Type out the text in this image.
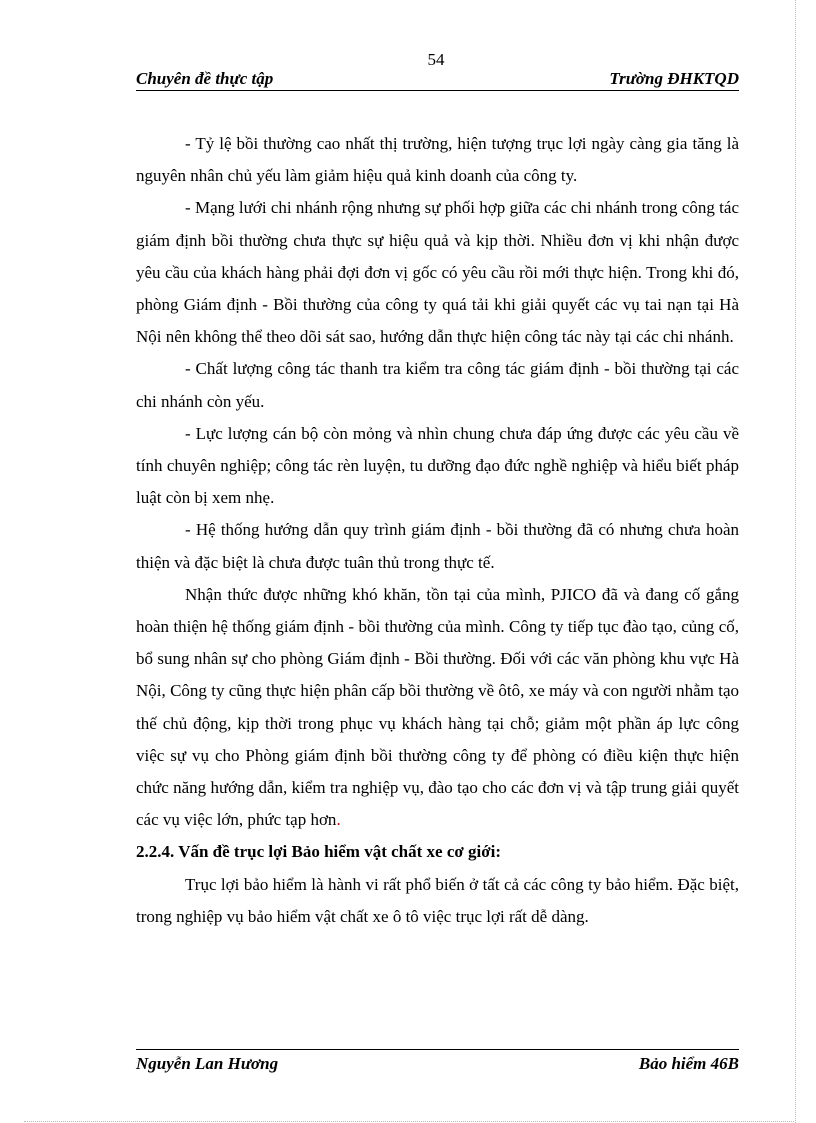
54
Chuyên đề thực tập	Trường ĐHKTQD

- Tỷ lệ bồi thường cao nhất thị trường, hiện tượng trục lợi ngày càng gia tăng là nguyên nhân chủ yếu làm giảm hiệu quả kinh doanh của công ty.

- Mạng lưới chi nhánh rộng nhưng sự phối hợp giữa các chi nhánh trong công tác giám định bồi thường chưa thực sự hiệu quả và kịp thời. Nhiều đơn vị khi nhận được yêu cầu của khách hàng phải đợi đơn vị gốc có yêu cầu rồi mới thực hiện. Trong khi đó, phòng Giám định - Bồi thường của công ty quá tải khi giải quyết các vụ tai nạn tại Hà Nội nên không thể theo dõi sát sao, hướng dẫn thực hiện công tác này tại các chi nhánh.

- Chất lượng công tác thanh tra kiểm tra công tác giám định - bồi thường tại các chi nhánh còn yếu.

- Lực lượng cán bộ còn mỏng và nhìn chung chưa đáp ứng được các yêu cầu về tính chuyên nghiệp; công tác rèn luyện, tu dưỡng đạo đức nghề nghiệp và hiểu biết pháp luật còn bị xem nhẹ.

- Hệ thống hướng dẫn quy trình giám định - bồi thường đã có nhưng chưa hoàn thiện và đặc biệt là chưa được tuân thủ trong thực tế.

Nhận thức được những khó khăn, tồn tại của mình, PJICO đã và đang cố gắng hoàn thiện hệ thống giám định - bồi thường của mình. Công ty tiếp tục đào tạo, củng cố, bổ sung nhân sự cho phòng Giám định - Bồi thường. Đối với các văn phòng khu vực Hà Nội, Công ty cũng thực hiện phân cấp bồi thường về ôtô, xe máy và con người nhằm tạo thế chủ động, kịp thời trong phục vụ khách hàng tại chỗ; giảm một phần áp lực công việc sự vụ cho Phòng giám định bồi thường công ty để phòng có điều kiện thực hiện chức năng hướng dẫn, kiểm tra nghiệp vụ, đào tạo cho các đơn vị và tập trung giải quyết các vụ việc lớn, phức tạp hơn.

2.2.4. Vấn đề trục lợi Bảo hiểm vật chất xe cơ giới:

Trục lợi bảo hiểm là hành vi rất phổ biến ở tất cả các công ty bảo hiểm. Đặc biệt, trong nghiệp vụ bảo hiểm vật chất xe ô tô việc trục lợi rất dễ dàng.

Nguyễn Lan Hương	Bảo hiểm 46B
